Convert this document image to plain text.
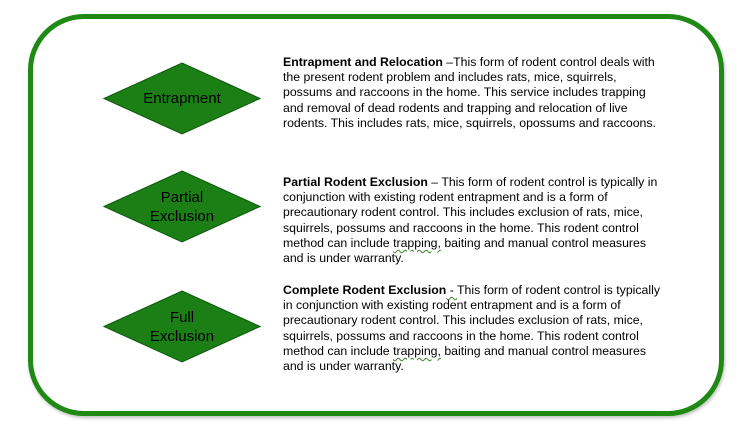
Entrapment
Entrapment and Relocation –This form of rodent control deals with the present rodent problem and includes rats, mice, squirrels, possums and raccoons in the home. This service includes trapping and removal of dead rodents and trapping and relocation of live rodents. This includes rats, mice, squirrels, opossums and raccoons.
Partial
Exclusion
Partial Rodent Exclusion – This form of rodent control is typically in conjunction with existing rodent entrapment and is a form of precautionary rodent control. This includes exclusion of rats, mice, squirrels, possums and raccoons in the home. This rodent control method can include trapping, baiting and manual control measures and is under warranty.
Full
Exclusion
Complete Rodent Exclusion - This form of rodent control is typically in conjunction with existing rodent entrapment and is a form of precautionary rodent control. This includes exclusion of rats, mice, squirrels, possums and raccoons in the home. This rodent control method can include trapping, baiting and manual control measures and is under warranty.
